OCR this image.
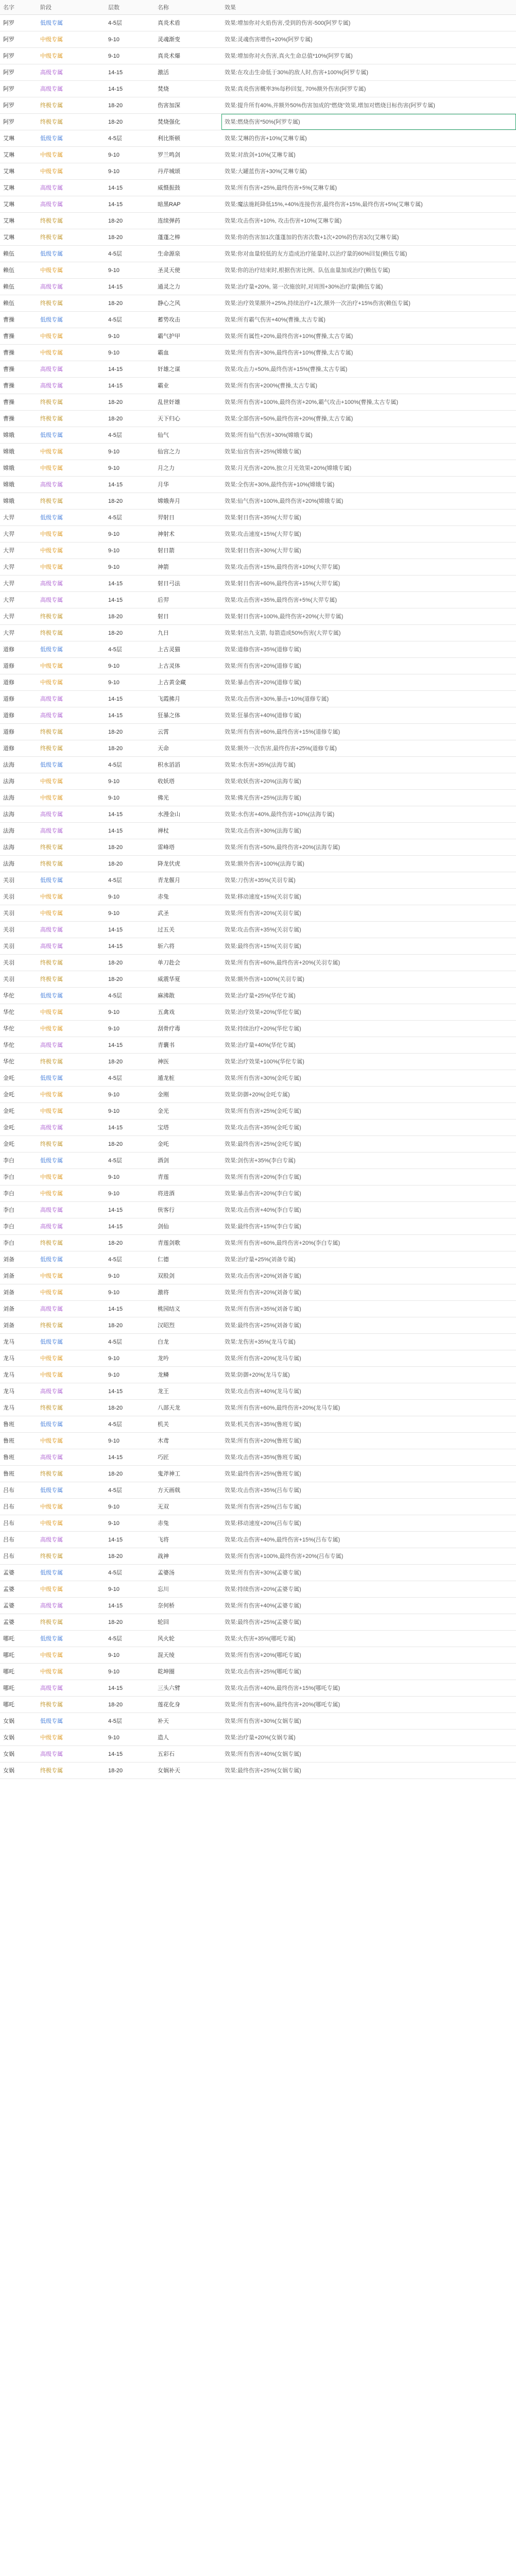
名字	阶段	层数	名称	效果
阿罗	低级专属	4-5层	真炎术盾	效果:增加你对火焰伤害,受到的伤害-500(阿罗专属)
阿罗	中级专属	9-10	灵魂渐变	效果:灵魂伤害增伤+20%(阿罗专属)
阿罗	中级专属	9-10	真炎术爆	效果:增加你对火伤害,真火生命总值*10%(阿罗专属)
阿罗	高级专属	14-15	激活	效果:在攻击生命低于30%的敌人时,伤害+100%(阿罗专属)
阿罗	高级专属	14-15	焚烧	效果:真炎伤害概率3%每秒回复, 70%额外伤害(阿罗专属)
阿罗	终极专属	18-20	伤害加深	效果:提升所有40%,并额外50%伤害加成的“燃烧”效果,增加对燃烧目标伤害(阿罗专属)
阿罗	终极专属	18-20	焚烧强化	效果:燃烧伤害*50%(阿罗专属)
艾琳	低级专属	4-5层	利比斯顿	效果:艾琳的伤害+10%(艾琳专属)
艾琳	中级专属	9-10	罗兰鸣剑	效果:对敌剑+10%(艾琳专属)
艾琳	中级专属	9-10	丹芹城颂	效果:大罐蓝伤害+30%(艾琳专属)
艾琳	高级专属	14-15	威慑振鼓	效果:所有伤害+25%,最终伤害+5%(艾琳专属)
艾琳	高级专属	14-15	暗黑RAP	效果:魔法施耗降低15%,+40%连接伤害,最终伤害+15%,最终伤害+5%(艾琳专属)
艾琳	终极专属	18-20	连续弹药	效果:攻击伤害+10%, 攻击伤害+10%(艾琳专属)
艾琳	终极专属	18-20	蓬蓬之棒	效果:你的伤害加1次蓬蓬加的伤害次数+1次+20%的伤害3次(艾琳专属)
赖伍	低级专属	4-5层	生命源泉	效果:你对血量较低的友方造成治疗能量时,以治疗量的60%回复(赖伍专属)
赖伍	中级专属	9-10	圣灵天使	效果:你的治疗结束时,根据伤害比例、队伍血量加成治疗(赖伍专属)
赖伍	高级专属	14-15	通灵之力	效果:治疗量+20%, 第一次施放时,对周围+30%治疗量(赖伍专属)
赖伍	终极专属	18-20	静心之风	效果:治疗效果额外+25%,持续治疗+1次,额外一次治疗+15%伤害(赖伍专属)
曹操	低级专属	4-5层	蓄势攻击	效果:所有霸气伤害+40%(曹操,太古专属)
曹操	中级专属	9-10	霸气护甲	效果:所有属性+20%,最终伤害+10%(曹操,太古专属)
曹操	中级专属	9-10	霸血	效果:所有伤害+30%,最终伤害+10%(曹操,太古专属)
曹操	高级专属	14-15	奸雄之谋	效果:攻击力+50%,最终伤害+15%(曹操,太古专属)
曹操	高级专属	14-15	霸业	效果:所有伤害+200%(曹操,太古专属)
曹操	终极专属	18-20	乱世奸雄	效果:所有伤害+100%,最终伤害+20%,霸气攻击+100%(曹操,太古专属)
曹操	终极专属	18-20	天下归心	效果:全部伤害+50%,最终伤害+20%(曹操,太古专属)
嫦娥	低级专属	4-5层	仙气	效果:所有仙气伤害+30%(嫦娥专属)
嫦娥	中级专属	9-10	仙宫之力	效果:仙宫伤害+25%(嫦娥专属)
嫦娥	中级专属	9-10	月之力	效果:月光伤害+20%,独立月光效果+20%(嫦娥专属)
嫦娥	高级专属	14-15	月华	效果:全伤害+30%,最终伤害+10%(嫦娥专属)
嫦娥	终极专属	18-20	嫦娥奔月	效果:仙气伤害+100%,最终伤害+20%(嫦娥专属)
大羿	低级专属	4-5层	羿射日	效果:射日伤害+35%(大羿专属)
大羿	中级专属	9-10	神射术	效果:攻击速度+15%(大羿专属)
大羿	中级专属	9-10	射日箭	效果:射日伤害+30%(大羿专属)
大羿	中级专属	9-10	神箭	效果:攻击伤害+15%,最终伤害+10%(大羿专属)
大羿	高级专属	14-15	射日弓法	效果:射日伤害+60%,最终伤害+15%(大羿专属)
大羿	高级专属	14-15	后羿	效果:攻击伤害+35%,最终伤害+5%(大羿专属)
大羿	终极专属	18-20	射日	效果:射日伤害+100%,最终伤害+20%(大羿专属)
大羿	终极专属	18-20	九日	效果:射出九支箭, 每箭造成50%伤害(大羿专属)
道修	低级专属	4-5层	上古灵猫	效果:道修伤害+35%(道修专属)
道修	中级专属	9-10	上古灵体	效果:所有伤害+20%(道修专属)
道修	中级专属	9-10	上古黄金藏	效果:暴击伤害+20%(道修专属)
道修	高级专属	14-15	飞霞拂月	效果:攻击伤害+30%,暴击+10%(道修专属)
道修	高级专属	14-15	狂暴之体	效果:狂暴伤害+40%(道修专属)
道修	终极专属	18-20	云霄	效果:所有伤害+60%,最终伤害+15%(道修专属)
道修	终极专属	18-20	天命	效果:额外一次伤害,最终伤害+25%(道修专属)
法海	低级专属	4-5层	积水滔滔	效果:水伤害+35%(法海专属)
法海	中级专属	9-10	收妖塔	效果:收妖伤害+20%(法海专属)
法海	中级专属	9-10	佛光	效果:佛光伤害+25%(法海专属)
法海	高级专属	14-15	水漫金山	效果:水伤害+40%,最终伤害+10%(法海专属)
法海	高级专属	14-15	禅杖	效果:攻击伤害+30%(法海专属)
法海	终极专属	18-20	雷峰塔	效果:所有伤害+50%,最终伤害+20%(法海专属)
法海	终极专属	18-20	降龙伏虎	效果:额外伤害+100%(法海专属)
关羽	低级专属	4-5层	青龙偃月	效果:刀伤害+35%(关羽专属)
关羽	中级专属	9-10	赤兔	效果:移动速度+15%(关羽专属)
关羽	中级专属	9-10	武圣	效果:所有伤害+20%(关羽专属)
关羽	高级专属	14-15	过五关	效果:攻击伤害+35%(关羽专属)
关羽	高级专属	14-15	斩六将	效果:最终伤害+15%(关羽专属)
关羽	终极专属	18-20	单刀赴会	效果:所有伤害+60%,最终伤害+20%(关羽专属)
关羽	终极专属	18-20	威震华夏	效果:额外伤害+100%(关羽专属)
华佗	低级专属	4-5层	麻沸散	效果:治疗量+25%(华佗专属)
华佗	中级专属	9-10	五禽戏	效果:治疗效果+20%(华佗专属)
华佗	中级专属	9-10	刮骨疗毒	效果:持续治疗+20%(华佗专属)
华佗	高级专属	14-15	青囊书	效果:治疗量+40%(华佗专属)
华佗	终极专属	18-20	神医	效果:治疗效果+100%(华佗专属)
金吒	低级专属	4-5层	遁龙桩	效果:所有伤害+30%(金吒专属)
金吒	中级专属	9-10	金刚	效果:防御+20%(金吒专属)
金吒	中级专属	9-10	金光	效果:所有伤害+25%(金吒专属)
金吒	高级专属	14-15	宝塔	效果:攻击伤害+35%(金吒专属)
金吒	终极专属	18-20	金吒	效果:最终伤害+25%(金吒专属)
李白	低级专属	4-5层	酒剑	效果:剑伤害+35%(李白专属)
李白	中级专属	9-10	青莲	效果:所有伤害+20%(李白专属)
李白	中级专属	9-10	将进酒	效果:暴击伤害+20%(李白专属)
李白	高级专属	14-15	侠客行	效果:攻击伤害+40%(李白专属)
李白	高级专属	14-15	剑仙	效果:最终伤害+15%(李白专属)
李白	终极专属	18-20	青莲剑歌	效果:所有伤害+60%,最终伤害+20%(李白专属)
刘备	低级专属	4-5层	仁德	效果:治疗量+25%(刘备专属)
刘备	中级专属	9-10	双股剑	效果:攻击伤害+20%(刘备专属)
刘备	中级专属	9-10	激将	效果:所有伤害+20%(刘备专属)
刘备	高级专属	14-15	桃园结义	效果:所有伤害+35%(刘备专属)
刘备	终极专属	18-20	汉昭烈	效果:最终伤害+25%(刘备专属)
龙马	低级专属	4-5层	白龙	效果:龙伤害+35%(龙马专属)
龙马	中级专属	9-10	龙吟	效果:所有伤害+20%(龙马专属)
龙马	中级专属	9-10	龙鳞	效果:防御+20%(龙马专属)
龙马	高级专属	14-15	龙王	效果:攻击伤害+40%(龙马专属)
龙马	终极专属	18-20	八部天龙	效果:所有伤害+60%,最终伤害+20%(龙马专属)
鲁班	低级专属	4-5层	机关	效果:机关伤害+35%(鲁班专属)
鲁班	中级专属	9-10	木鸢	效果:所有伤害+20%(鲁班专属)
鲁班	高级专属	14-15	巧匠	效果:攻击伤害+35%(鲁班专属)
鲁班	终极专属	18-20	鬼斧神工	效果:最终伤害+25%(鲁班专属)
吕布	低级专属	4-5层	方天画戟	效果:攻击伤害+35%(吕布专属)
吕布	中级专属	9-10	无双	效果:所有伤害+25%(吕布专属)
吕布	中级专属	9-10	赤兔	效果:移动速度+20%(吕布专属)
吕布	高级专属	14-15	飞将	效果:攻击伤害+40%,最终伤害+15%(吕布专属)
吕布	终极专属	18-20	战神	效果:所有伤害+100%,最终伤害+20%(吕布专属)
孟婆	低级专属	4-5层	孟婆汤	效果:所有伤害+30%(孟婆专属)
孟婆	中级专属	9-10	忘川	效果:持续伤害+20%(孟婆专属)
孟婆	高级专属	14-15	奈何桥	效果:所有伤害+40%(孟婆专属)
孟婆	终极专属	18-20	轮回	效果:最终伤害+25%(孟婆专属)
哪吒	低级专属	4-5层	风火轮	效果:火伤害+35%(哪吒专属)
哪吒	中级专属	9-10	混天绫	效果:所有伤害+20%(哪吒专属)
哪吒	中级专属	9-10	乾坤圈	效果:攻击伤害+25%(哪吒专属)
哪吒	高级专属	14-15	三头六臂	效果:攻击伤害+40%,最终伤害+15%(哪吒专属)
哪吒	终极专属	18-20	莲花化身	效果:所有伤害+60%,最终伤害+20%(哪吒专属)
女娲	低级专属	4-5层	补天	效果:所有伤害+30%(女娲专属)
女娲	中级专属	9-10	造人	效果:治疗量+20%(女娲专属)
女娲	高级专属	14-15	五彩石	效果:所有伤害+40%(女娲专属)
女娲	终极专属	18-20	女娲补天	效果:最终伤害+25%(女娲专属)
